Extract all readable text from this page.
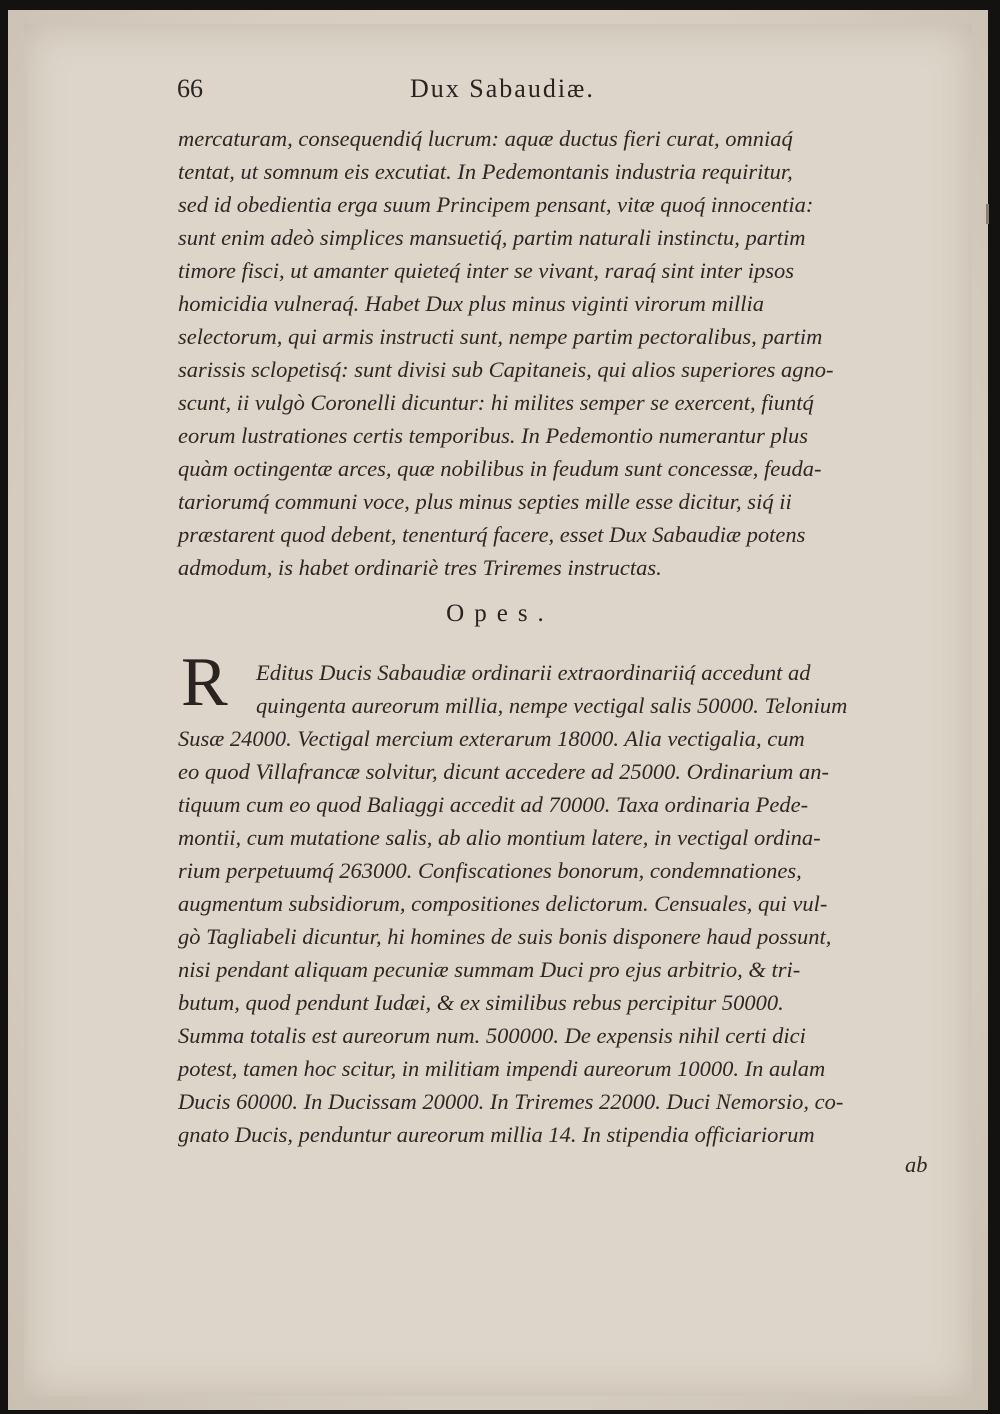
66	Dux Sabaudiæ.
mercaturam, consequendiq́ lucrum: aquæ ductus fieri curat, omniaq́
tentat, ut somnum eis excutiat. In Pedemontanis industria requiritur,
sed id obedientia erga suum Principem pensant, vitæ quoq́ innocentia:
sunt enim adeò simplices mansuetiq́, partim naturali instinctu, partim
timore fisci, ut amanter quieteq́ inter se vivant, raraq́ sint inter ipsos
homicidia vulneraq́. Habet Dux plus minus viginti virorum millia
selectorum, qui armis instructi sunt, nempe partim pectoralibus, partim
sarissis sclopetisq́: sunt divisi sub Capitaneis, qui alios superiores agno-
scunt, ii vulgò Coronelli dicuntur: hi milites semper se exercent, fiuntq́
eorum lustrationes certis temporibus. In Pedemontio numerantur plus
quàm octingentæ arces, quæ nobilibus in feudum sunt concessæ, feuda-
tariorumq́ communi voce, plus minus septies mille esse dicitur, siq́ ii
præstarent quod debent, tenenturq́ facere, esset Dux Sabaudiæ potens
admodum, is habet ordinariè tres Triremes instructas.
Opes.
R Editus Ducis Sabaudiæ ordinarii extraordinariiq́ accedunt ad
quingenta aureorum millia, nempe vectigal salis 50000. Telonium
Susæ 24000. Vectigal mercium exterarum 18000. Alia vectigalia, cum
eo quod Villafrancæ solvitur, dicunt accedere ad 25000. Ordinarium an-
tiquum cum eo quod Baliaggi accedit ad 70000. Taxa ordinaria Pede-
montii, cum mutatione salis, ab alio montium latere, in vectigal ordina-
rium perpetuumq́ 263000. Confiscationes bonorum, condemnationes,
augmentum subsidiorum, compositiones delictorum. Censuales, qui vul-
gò Tagliabeli dicuntur, hi homines de suis bonis disponere haud possunt,
nisi pendant aliquam pecuniæ summam Duci pro ejus arbitrio, & tri-
butum, quod pendunt Iudæi, & ex similibus rebus percipitur 50000.
Summa totalis est aureorum num. 500000. De expensis nihil certi dici
potest, tamen hoc scitur, in militiam impendi aureorum 10000. In aulam
Ducis 60000. In Ducissam 20000. In Triremes 22000. Duci Nemorsio, co-
gnato Ducis, penduntur aureorum millia 14. In stipendia officiariorum
ab
